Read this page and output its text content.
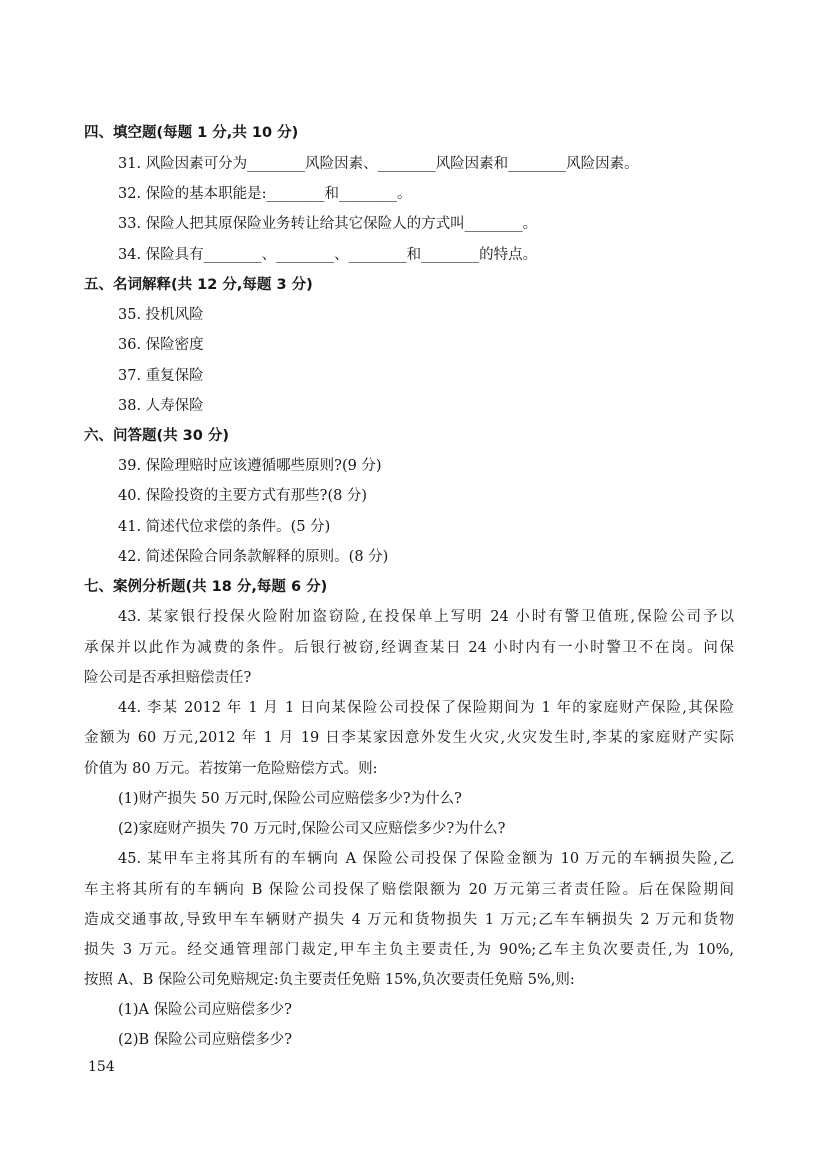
四、填空题(每题 1 分,共 10 分)
31. 风险因素可分为________风险因素、________风险因素和________风险因素。
32. 保险的基本职能是:________和________。
33. 保险人把其原保险业务转让给其它保险人的方式叫________。
34. 保险具有________、________、________和________的特点。
五、名词解释(共 12 分,每题 3 分)
35. 投机风险
36. 保险密度
37. 重复保险
38. 人寿保险
六、问答题(共 30 分)
39. 保险理赔时应该遵循哪些原则?(9 分)
40. 保险投资的主要方式有那些?(8 分)
41. 简述代位求偿的条件。(5 分)
42. 简述保险合同条款解释的原则。(8 分)
七、案例分析题(共 18 分,每题 6 分)
43. 某家银行投保火险附加盗窃险,在投保单上写明 24 小时有警卫值班,保险公司予以
承保并以此作为减费的条件。后银行被窃,经调查某日 24 小时内有一小时警卫不在岗。问保
险公司是否承担赔偿责任?
44. 李某 2012 年 1 月 1 日向某保险公司投保了保险期间为 1 年的家庭财产保险,其保险
金额为 60 万元,2012 年 1 月 19 日李某家因意外发生火灾,火灾发生时,李某的家庭财产实际
价值为 80 万元。若按第一危险赔偿方式。则:
(1)财产损失 50 万元时,保险公司应赔偿多少?为什么?
(2)家庭财产损失 70 万元时,保险公司又应赔偿多少?为什么?
45. 某甲车主将其所有的车辆向 A 保险公司投保了保险金额为 10 万元的车辆损失险,乙
车主将其所有的车辆向 B 保险公司投保了赔偿限额为 20 万元第三者责任险。后在保险期间
造成交通事故,导致甲车车辆财产损失 4 万元和货物损失 1 万元;乙车车辆损失 2 万元和货物
损失 3 万元。经交通管理部门裁定,甲车主负主要责任,为 90%;乙车主负次要责任,为 10%,
按照 A、B 保险公司免赔规定:负主要责任免赔 15%,负次要责任免赔 5%,则:
(1)A 保险公司应赔偿多少?
(2)B 保险公司应赔偿多少?
154
